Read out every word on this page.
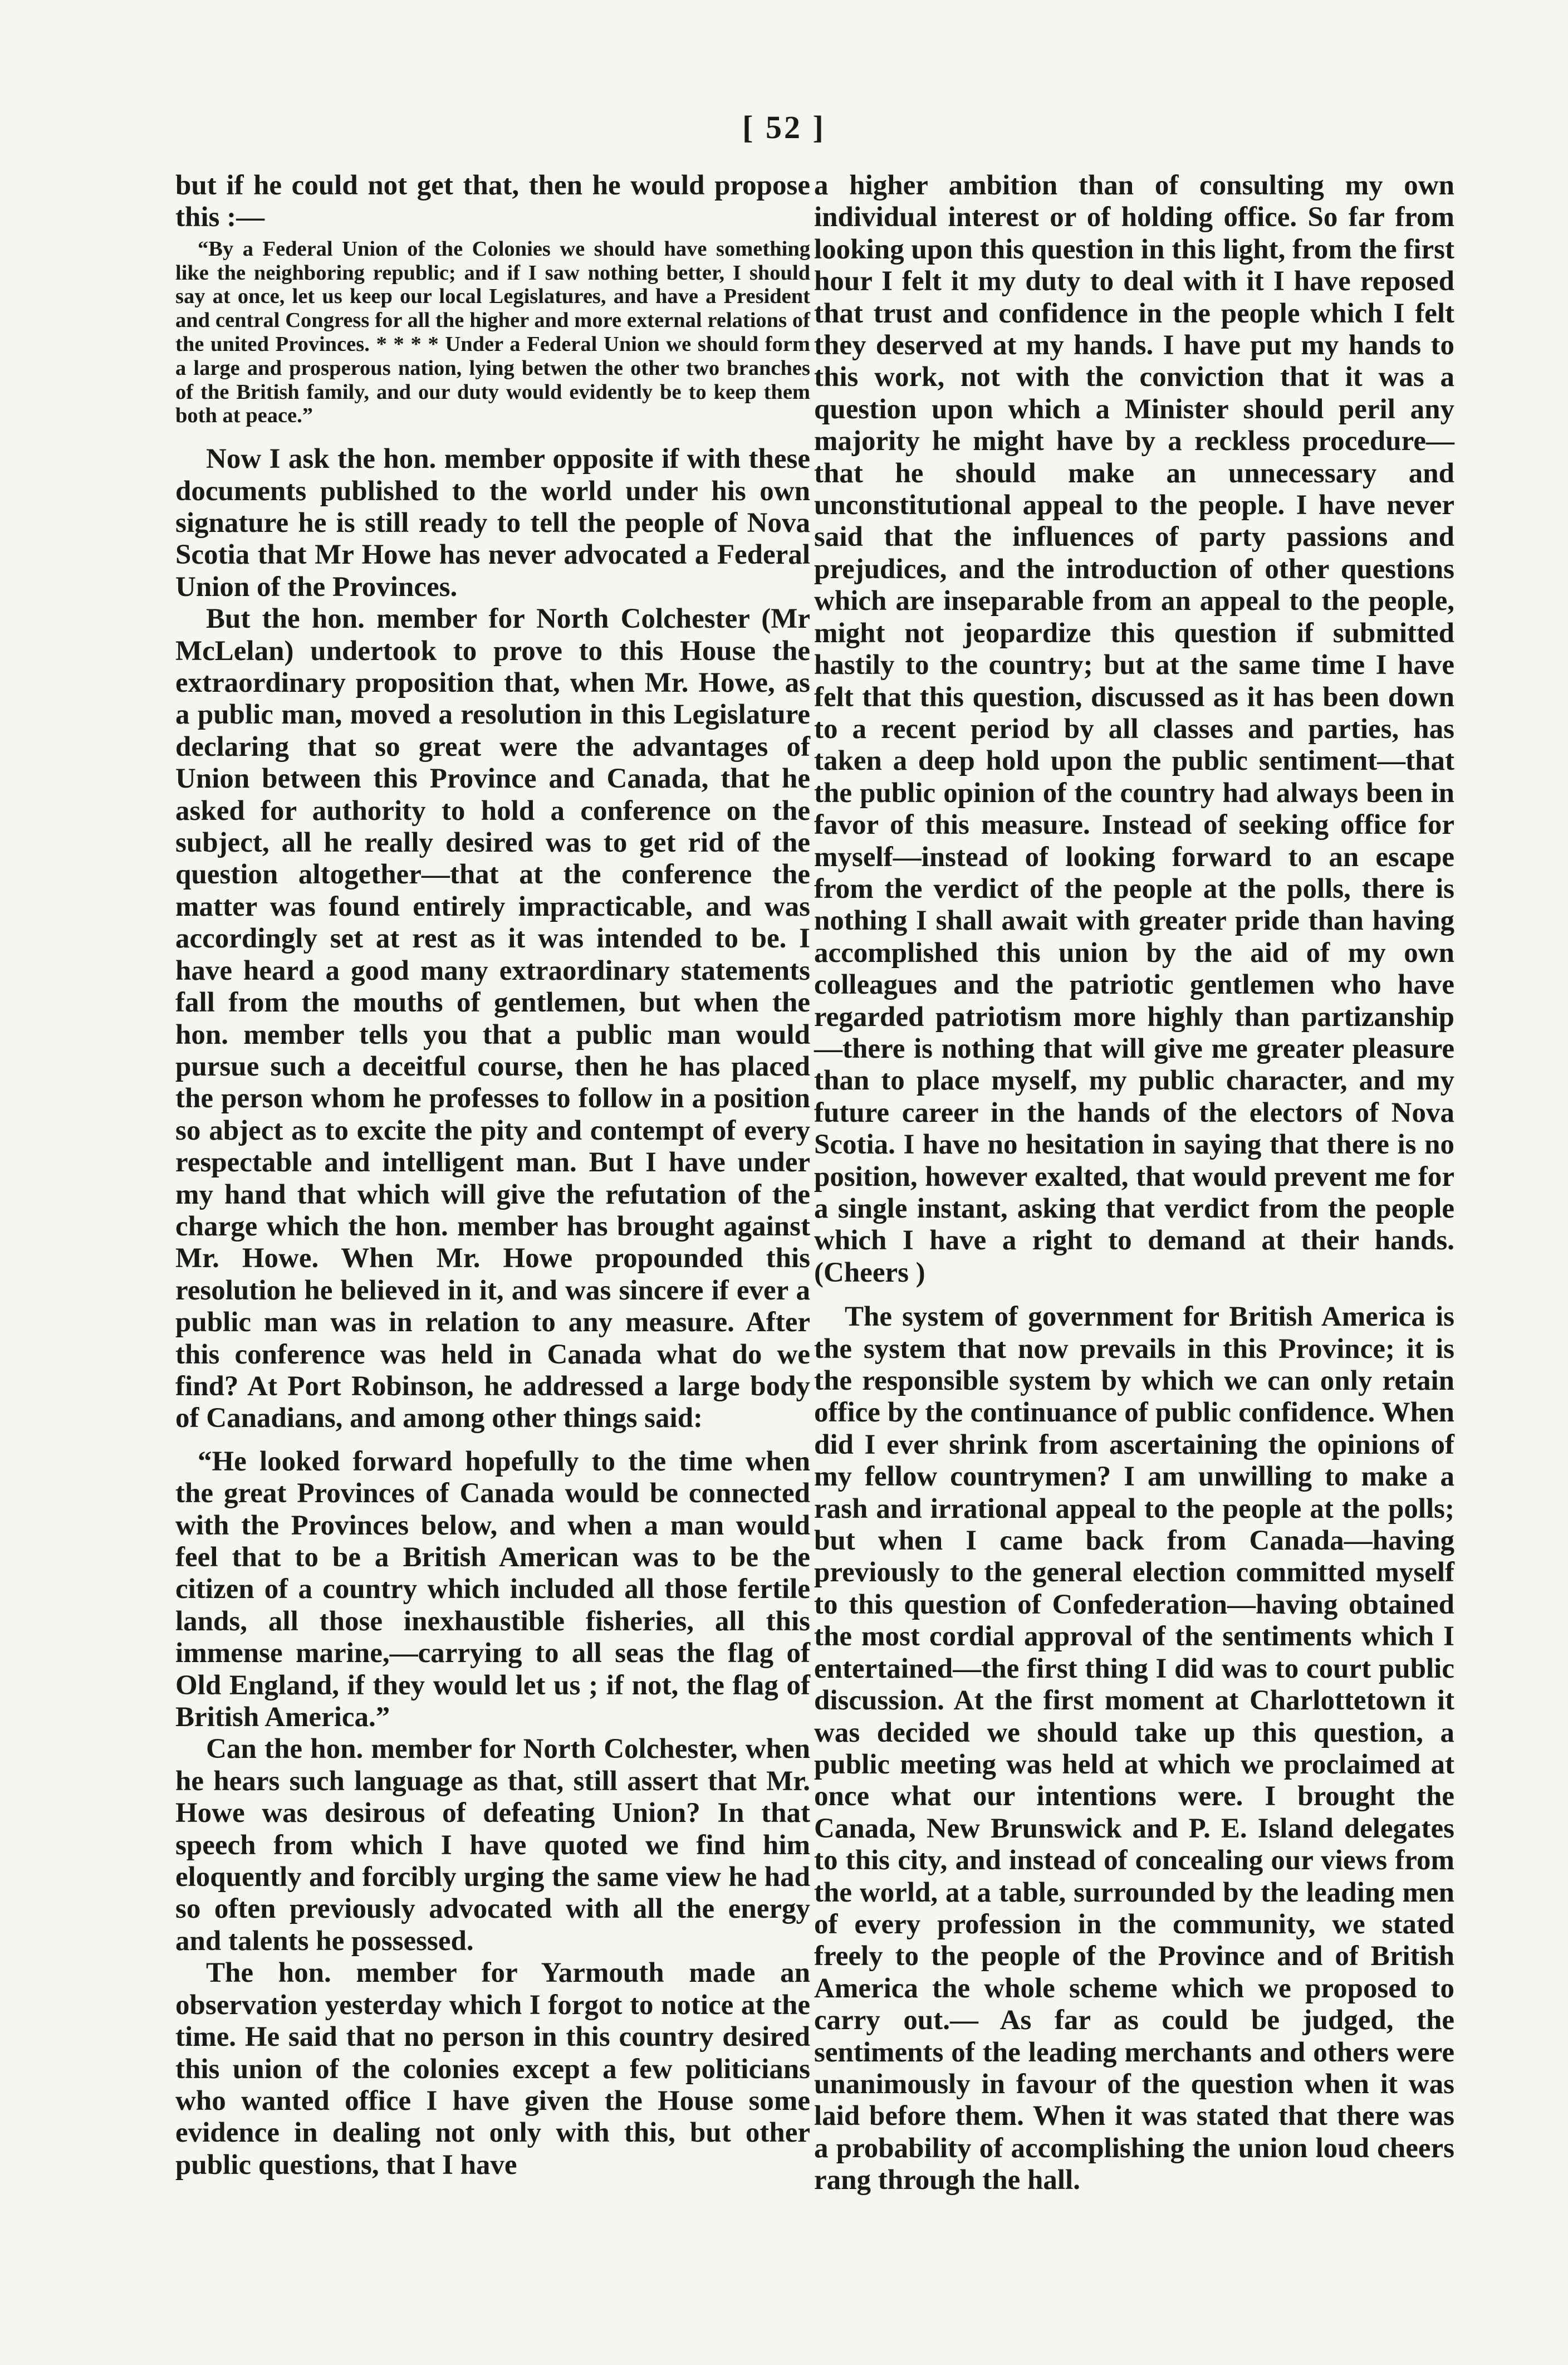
[ 52 ]

but if he could not get that, then he would propose this :—

“By a Federal Union of the Colonies we should have something like the neighboring republic; and if I saw nothing better, I should say at once, let us keep our local Legislatures, and have a President and central Congress for all the higher and more external relations of the united Provinces. * * * * Under a Federal Union we should form a large and prosperous nation, lying betwen the other two branches of the British family, and our duty would evidently be to keep them both at peace.”

Now I ask the hon. member opposite if with these documents published to the world under his own signature he is still ready to tell the people of Nova Scotia that Mr Howe has never advocated a Federal Union of the Provinces.

But the hon. member for North Colchester (Mr McLelan) undertook to prove to this House the extraordinary proposition that, when Mr. Howe, as a public man, moved a resolution in this Legislature declaring that so great were the advantages of Union between this Province and Canada, that he asked for authority to hold a conference on the subject, all he really desired was to get rid of the question altogether—that at the conference the matter was found entirely impracticable, and was accordingly set at rest as it was intended to be. I have heard a good many extraordinary statements fall from the mouths of gentlemen, but when the hon. member tells you that a public man would pursue such a deceitful course, then he has placed the person whom he professes to follow in a position so abject as to excite the pity and contempt of every respectable and intelligent man. But I have under my hand that which will give the refutation of the charge which the hon. member has brought against Mr. Howe. When Mr. Howe propounded this resolution he believed in it, and was sincere if ever a public man was in relation to any measure. After this conference was held in Canada what do we find? At Port Robinson, he addressed a large body of Canadians, and among other things said:

“He looked forward hopefully to the time when the great Provinces of Canada would be connected with the Provinces below, and when a man would feel that to be a British American was to be the citizen of a country which included all those fertile lands, all those inexhaustible fisheries, all this immense marine,—carrying to all seas the flag of Old England, if they would let us ; if not, the flag of British America.”

Can the hon. member for North Colchester, when he hears such language as that, still assert that Mr. Howe was desirous of defeating Union? In that speech from which I have quoted we find him eloquently and forcibly urging the same view he had so often previously advocated with all the energy and talents he possessed.

The hon. member for Yarmouth made an observation yesterday which I forgot to notice at the time. He said that no person in this country desired this union of the colonies except a few politicians who wanted office I have given the House some evidence in dealing not only with this, but other public questions, that I have

a higher ambition than of consulting my own individual interest or of holding office. So far from looking upon this question in this light, from the first hour I felt it my duty to deal with it I have reposed that trust and confidence in the people which I felt they deserved at my hands. I have put my hands to this work, not with the conviction that it was a question upon which a Minister should peril any majority he might have by a reckless procedure—that he should make an unnecessary and unconstitutional appeal to the people. I have never said that the influences of party passions and prejudices, and the introduction of other questions which are inseparable from an appeal to the people, might not jeopardize this question if submitted hastily to the country; but at the same time I have felt that this question, discussed as it has been down to a recent period by all classes and parties, has taken a deep hold upon the public sentiment—that the public opinion of the country had always been in favor of this measure. Instead of seeking office for myself—instead of looking forward to an escape from the verdict of the people at the polls, there is nothing I shall await with greater pride than having accomplished this union by the aid of my own colleagues and the patriotic gentlemen who have regarded patriotism more highly than partizanship—there is nothing that will give me greater pleasure than to place myself, my public character, and my future career in the hands of the electors of Nova Scotia. I have no hesitation in saying that there is no position, however exalted, that would prevent me for a single instant, asking that verdict from the people which I have a right to demand at their hands. (Cheers )

The system of government for British America is the system that now prevails in this Province; it is the responsible system by which we can only retain office by the continuance of public confidence. When did I ever shrink from ascertaining the opinions of my fellow countrymen? I am unwilling to make a rash and irrational appeal to the people at the polls; but when I came back from Canada—having previously to the general election committed myself to this question of Confederation—having obtained the most cordial approval of the sentiments which I entertained—the first thing I did was to court public discussion. At the first moment at Charlottetown it was decided we should take up this question, a public meeting was held at which we proclaimed at once what our intentions were. I brought the Canada, New Brunswick and P. E. Island delegates to this city, and instead of concealing our views from the world, at a table, surrounded by the leading men of every profession in the community, we stated freely to the people of the Province and of British America the whole scheme which we proposed to carry out.— As far as could be judged, the sentiments of the leading merchants and others were unanimously in favour of the question when it was laid before them. When it was stated that there was a probability of accomplishing the union loud cheers rang through the hall.
